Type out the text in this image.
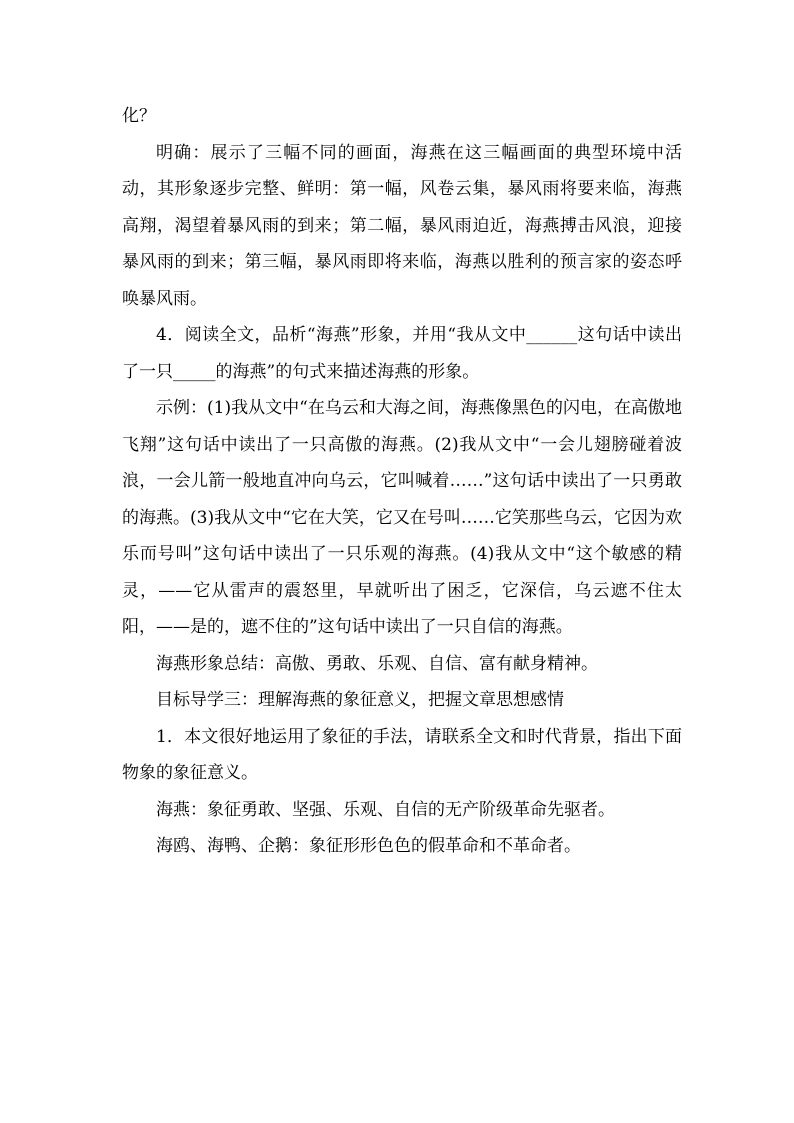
化？

明确：展示了三幅不同的画面，海燕在这三幅画面的典型环境中活动，其形象逐步完整、鲜明：第一幅，风卷云集，暴风雨将要来临，海燕高翔，渴望着暴风雨的到来；第二幅，暴风雨迫近，海燕搏击风浪，迎接暴风雨的到来；第三幅，暴风雨即将来临，海燕以胜利的预言家的姿态呼唤暴风雨。

4．阅读全文，品析“海燕”形象，并用“我从文中______这句话中读出了一只_____的海燕”的句式来描述海燕的形象。

示例：(1)我从文中“在乌云和大海之间，海燕像黑色的闪电，在高傲地飞翔”这句话中读出了一只高傲的海燕。(2)我从文中“一会儿翅膀碰着波浪，一会儿箭一般地直冲向乌云，它叫喊着……”这句话中读出了一只勇敢的海燕。(3)我从文中“它在大笑，它又在号叫……它笑那些乌云，它因为欢乐而号叫”这句话中读出了一只乐观的海燕。(4)我从文中“这个敏感的精灵，——它从雷声的震怒里，早就听出了困乏，它深信，乌云遮不住太阳，——是的，遮不住的”这句话中读出了一只自信的海燕。

海燕形象总结：高傲、勇敢、乐观、自信、富有献身精神。

目标导学三：理解海燕的象征意义，把握文章思想感情

1．本文很好地运用了象征的手法，请联系全文和时代背景，指出下面物象的象征意义。

海燕：象征勇敢、坚强、乐观、自信的无产阶级革命先驱者。

海鸥、海鸭、企鹅：象征形形色色的假革命和不革命者。
